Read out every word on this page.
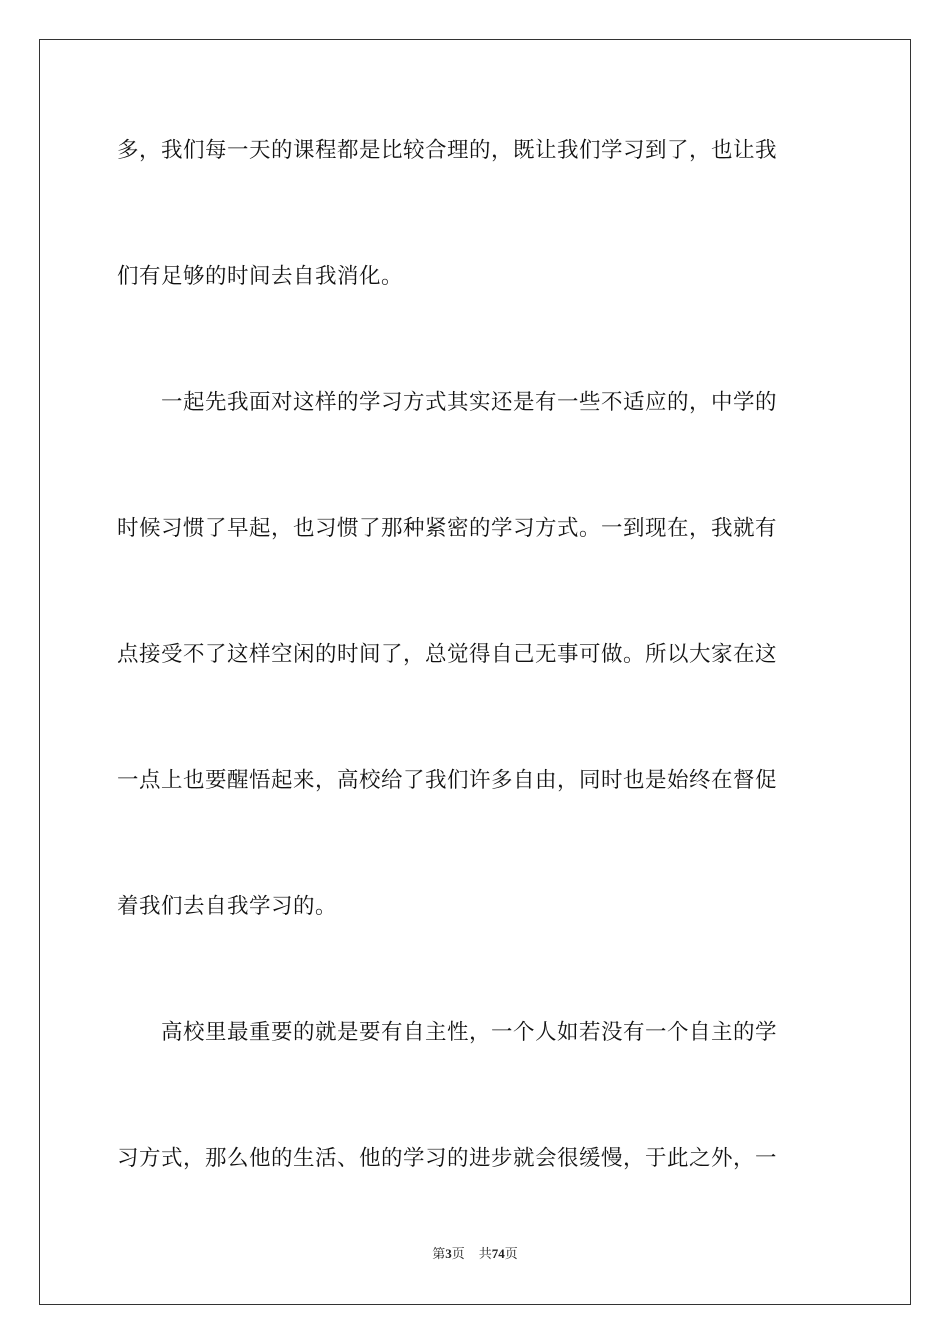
多，我们每一天的课程都是比较合理的，既让我们学习到了，也让我
们有足够的时间去自我消化。
　　一起先我面对这样的学习方式其实还是有一些不适应的，中学的
时候习惯了早起，也习惯了那种紧密的学习方式。一到现在，我就有
点接受不了这样空闲的时间了，总觉得自己无事可做。所以大家在这
一点上也要醒悟起来，高校给了我们许多自由，同时也是始终在督促
着我们去自我学习的。
　　高校里最重要的就是要有自主性，一个人如若没有一个自主的学
习方式，那么他的生活、他的学习的进步就会很缓慢，于此之外，一
第3页 共74页
